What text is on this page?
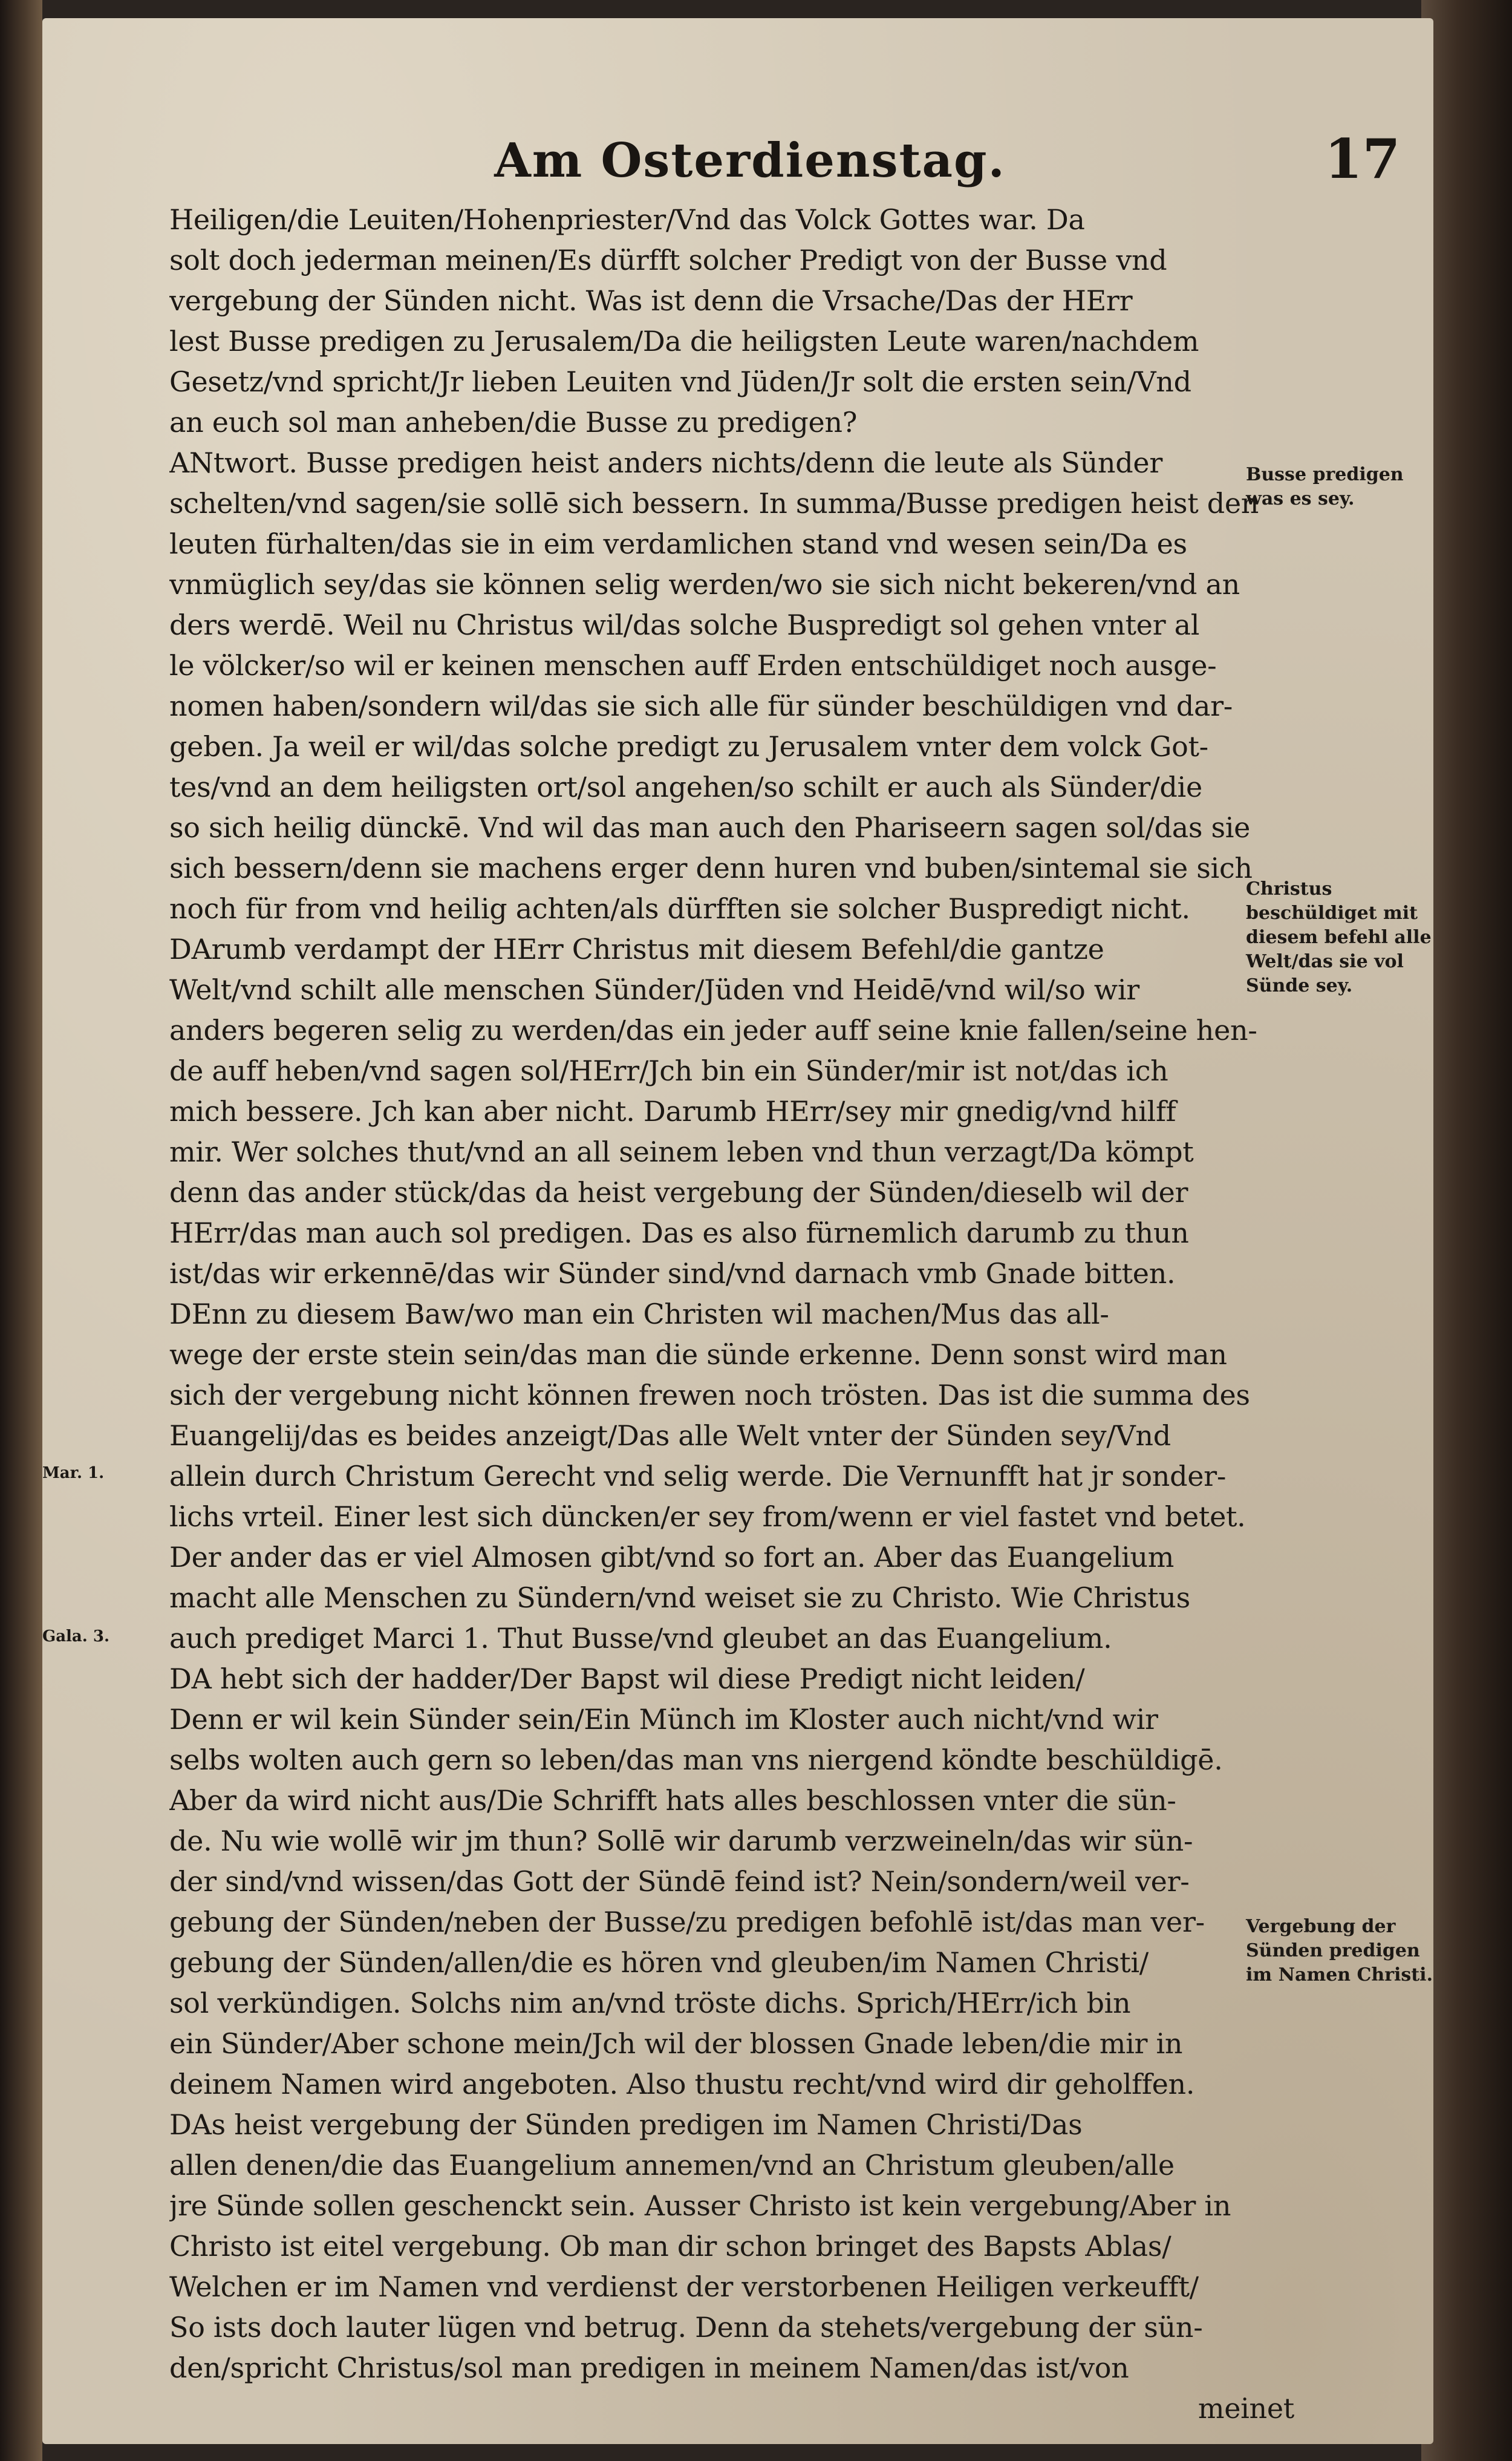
Am Osterdienstag.	17
Heiligen/die Leuiten/Hohenpriester/Vnd das Volck Gottes war. Da
solt doch jederman meinen/Es dürfft solcher Predigt von der Busse vnd
vergebung der Sünden nicht. Was ist denn die Vrsache/Das der HErr
lest Busse predigen zu Jerusalem/Da die heiligsten Leute waren/nachdem
Gesetz/vnd spricht/Jr lieben Leuiten vnd Jüden/Jr solt die ersten sein/Vnd
an euch sol man anheben/die Busse zu predigen?
ANtwort. Busse predigen heist anders nichts/denn die leute als Sünder
schelten/vnd sagen/sie sollē sich bessern. In summa/Busse predigen heist den
leuten fürhalten/das sie in eim verdamlichen stand vnd wesen sein/Da es
vnmüglich sey/das sie können selig werden/wo sie sich nicht bekeren/vnd an
ders werdē. Weil nu Christus wil/das solche Buspredigt sol gehen vnter al
le völcker/so wil er keinen menschen auff Erden entschüldiget noch ausge-
nomen haben/sondern wil/das sie sich alle für sünder beschüldigen vnd dar-
geben. Ja weil er wil/das solche predigt zu Jerusalem vnter dem volck Got-
tes/vnd an dem heiligsten ort/sol angehen/so schilt er auch als Sünder/die
so sich heilig dünckē. Vnd wil das man auch den Phariseern sagen sol/das sie
sich bessern/denn sie machens erger denn huren vnd buben/sintemal sie sich
noch für from vnd heilig achten/als dürfften sie solcher Buspredigt nicht.
DArumb verdampt der HErr Christus mit diesem Befehl/die gantze
Welt/vnd schilt alle menschen Sünder/Jüden vnd Heidē/vnd wil/so wir
anders begeren selig zu werden/das ein jeder auff seine knie fallen/seine hen-
de auff heben/vnd sagen sol/HErr/Jch bin ein Sünder/mir ist not/das ich
mich bessere. Jch kan aber nicht. Darumb HErr/sey mir gnedig/vnd hilff
mir. Wer solches thut/vnd an all seinem leben vnd thun verzagt/Da kömpt
denn das ander stück/das da heist vergebung der Sünden/dieselb wil der
HErr/das man auch sol predigen. Das es also fürnemlich darumb zu thun
ist/das wir erkennē/das wir Sünder sind/vnd darnach vmb Gnade bitten.
DEnn zu diesem Baw/wo man ein Christen wil machen/Mus das all-
wege der erste stein sein/das man die sünde erkenne. Denn sonst wird man
sich der vergebung nicht können frewen noch trösten. Das ist die summa des
Euangelij/das es beides anzeigt/Das alle Welt vnter der Sünden sey/Vnd
allein durch Christum Gerecht vnd selig werde. Die Vernunfft hat jr sonder-
lichs vrteil. Einer lest sich düncken/er sey from/wenn er viel fastet vnd betet.
Der ander das er viel Almosen gibt/vnd so fort an. Aber das Euangelium
macht alle Menschen zu Sündern/vnd weiset sie zu Christo. Wie Christus
auch prediget Marci 1. Thut Busse/vnd gleubet an das Euangelium.
DA hebt sich der hadder/Der Bapst wil diese Predigt nicht leiden/
Denn er wil kein Sünder sein/Ein Münch im Kloster auch nicht/vnd wir
selbs wolten auch gern so leben/das man vns niergend köndte beschüldigē.
Aber da wird nicht aus/Die Schrifft hats alles beschlossen vnter die sün-
de. Nu wie wollē wir jm thun? Sollē wir darumb verzweineln/das wir sün-
der sind/vnd wissen/das Gott der Sündē feind ist? Nein/sondern/weil ver-
gebung der Sünden/neben der Busse/zu predigen befohlē ist/das man ver-
gebung der Sünden/allen/die es hören vnd gleuben/im Namen Christi/
sol verkündigen. Solchs nim an/vnd tröste dichs. Sprich/HErr/ich bin
ein Sünder/Aber schone mein/Jch wil der blossen Gnade leben/die mir in
deinem Namen wird angeboten. Also thustu recht/vnd wird dir geholffen.
DAs heist vergebung der Sünden predigen im Namen Christi/Das
allen denen/die das Euangelium annemen/vnd an Christum gleuben/alle
jre Sünde sollen geschenckt sein. Ausser Christo ist kein vergebung/Aber in
Christo ist eitel vergebung. Ob man dir schon bringet des Bapsts Ablas/
Welchen er im Namen vnd verdienst der verstorbenen Heiligen verkeufft/
So ists doch lauter lügen vnd betrug. Denn da stehets/vergebung der sün-
den/spricht Christus/sol man predigen in meinem Namen/das ist/von
meinet
Busse predigen was es sey.
Christus beschüldiget mit diesem befehl alle Welt/das sie vol Sünde sey.
Vergebung der Sünden predigen im Namen Christi.
Mar. 1.
Gala. 3.
